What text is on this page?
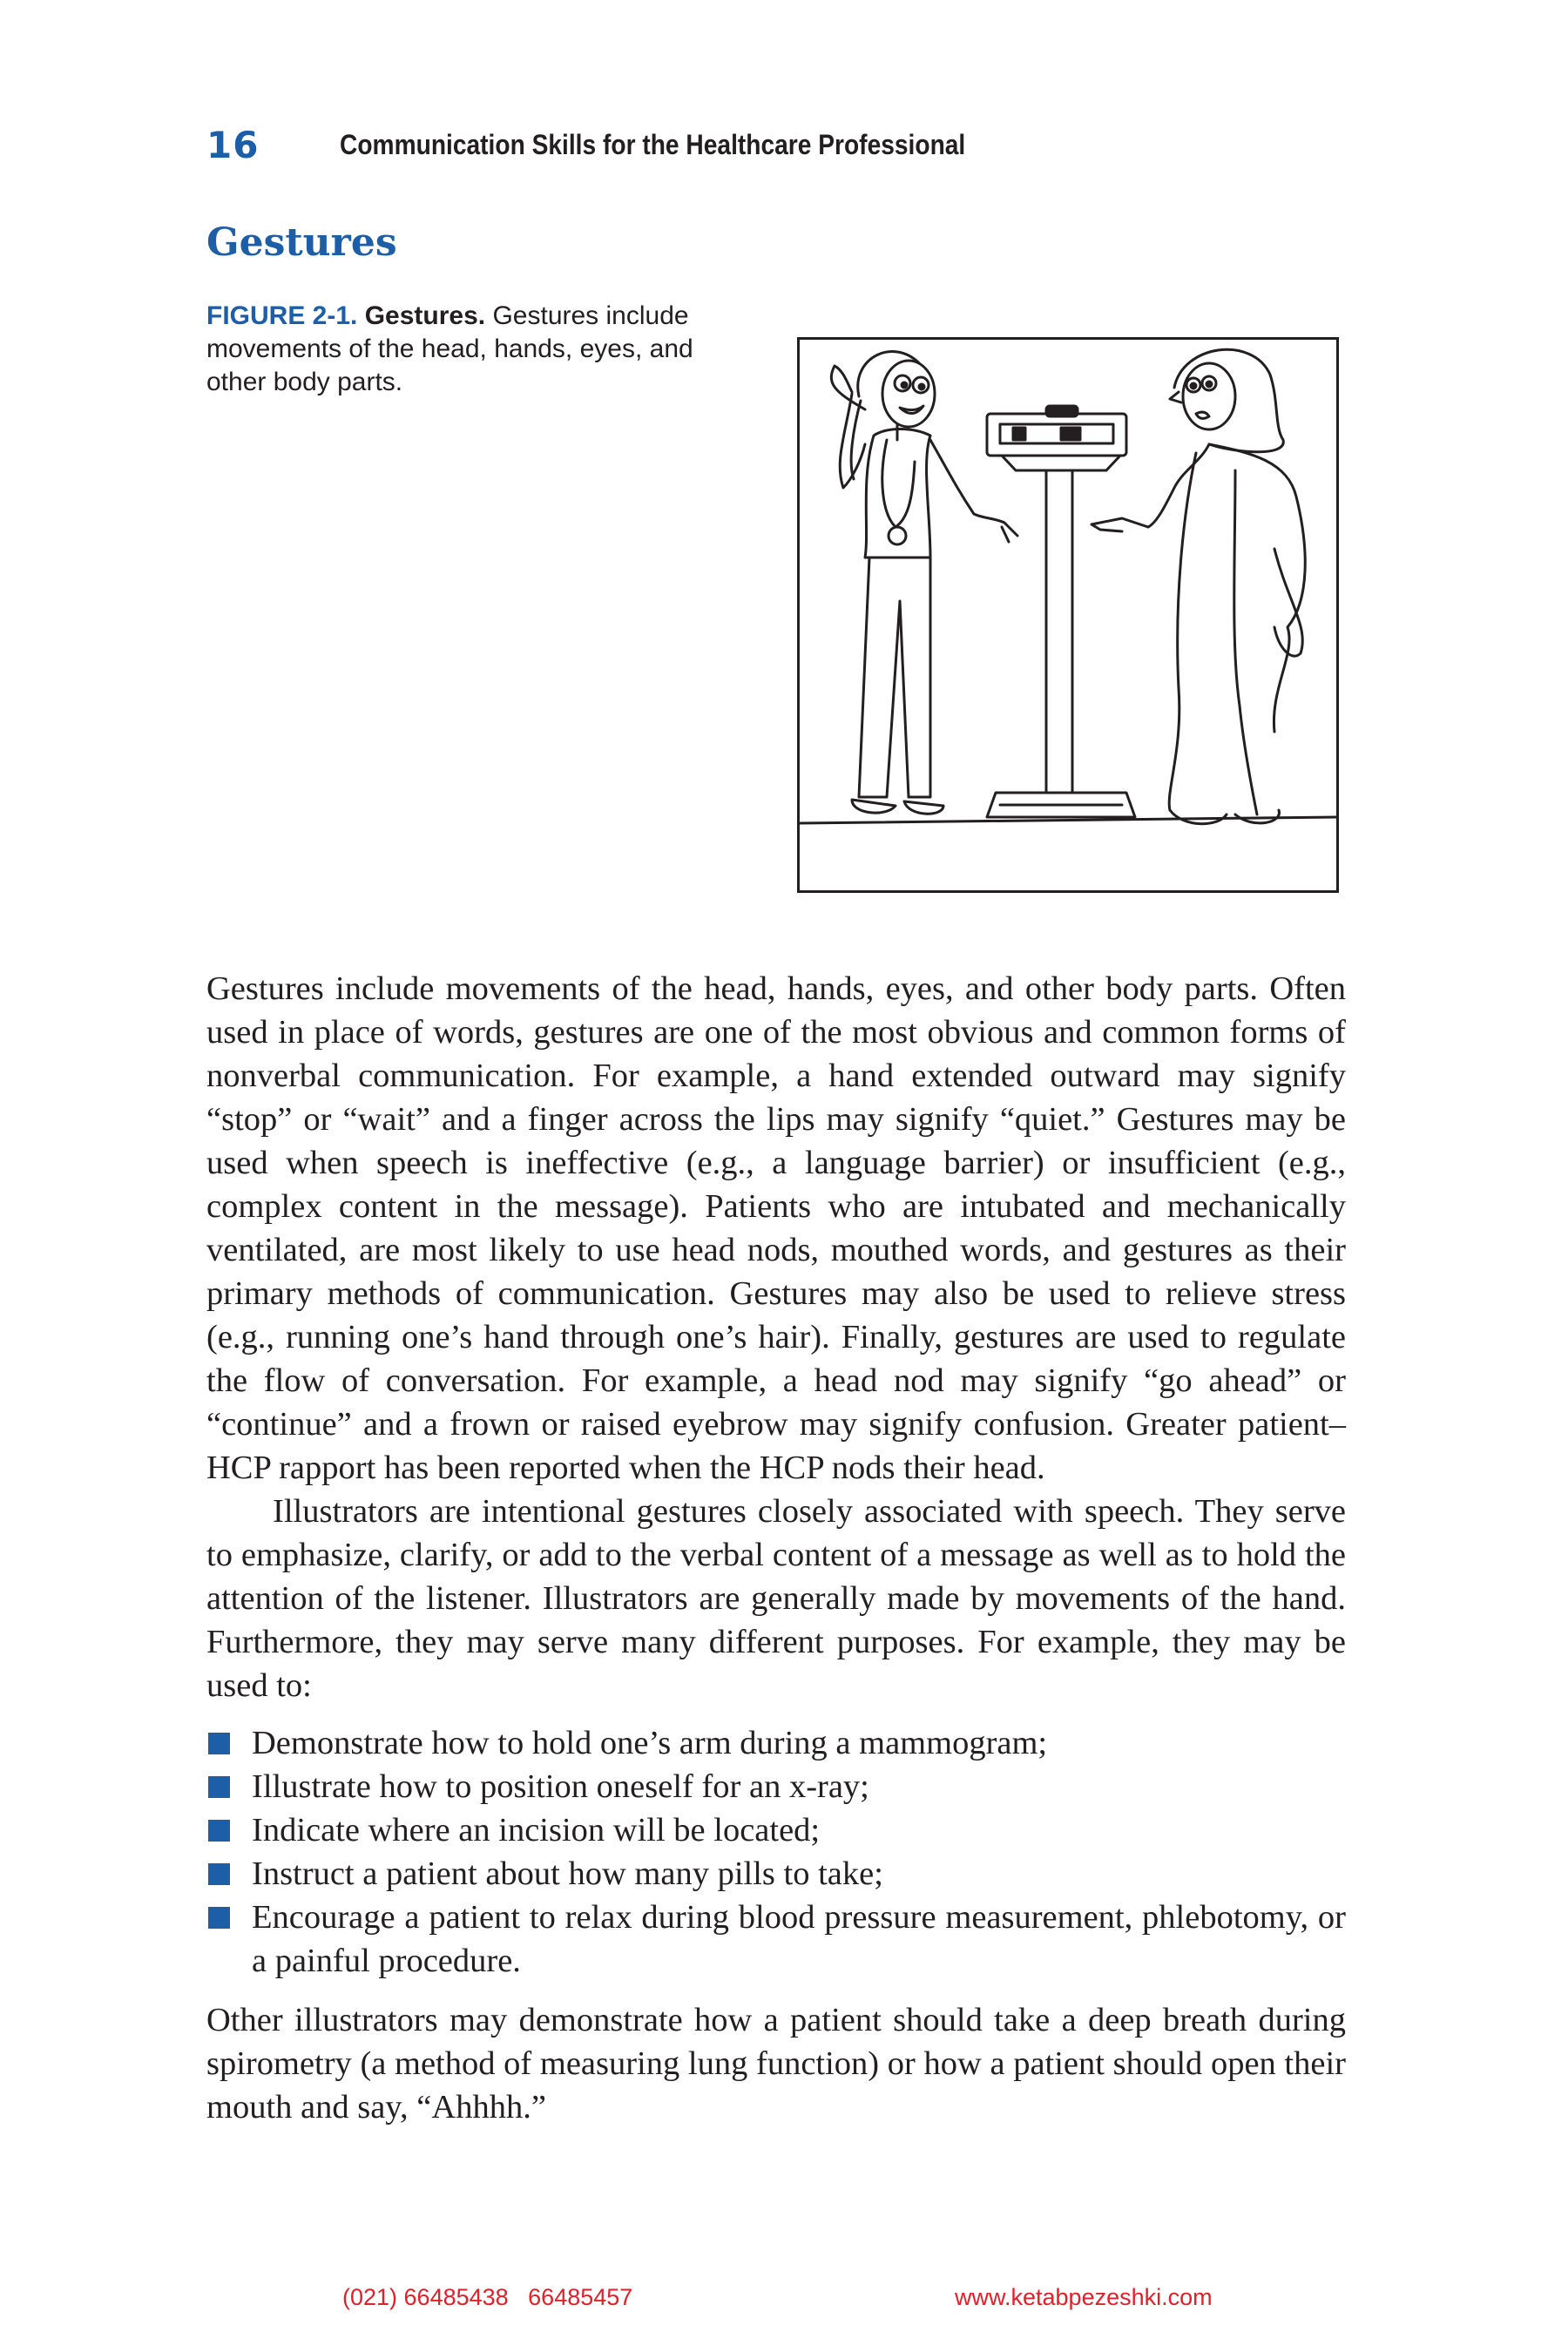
16	Communication Skills for the Healthcare Professional
Gestures
FIGURE 2-1. Gestures. Gestures include movements of the head, hands, eyes, and other body parts.

Gestures include movements of the head, hands, eyes, and other body parts. Often used in place of words, gestures are one of the most obvious and common forms of nonverbal communication. For example, a hand extended outward may signify “stop” or “wait” and a finger across the lips may signify “quiet.” Gestures may be used when speech is ineffective (e.g., a language barrier) or insufficient (e.g., complex content in the message). Patients who are intubated and mechanically ventilated, are most likely to use head nods, mouthed words, and gestures as their primary methods of communication. Gestures may also be used to relieve stress (e.g., running one’s hand through one’s hair). Finally, gestures are used to regulate the flow of conversation. For example, a head nod may signify “go ahead” or “continue” and a frown or raised eyebrow may signify confusion. Greater patient–HCP rapport has been reported when the HCP nods their head.

Illustrators are intentional gestures closely associated with speech. They serve to emphasize, clarify, or add to the verbal content of a message as well as to hold the attention of the listener. Illustrators are generally made by movements of the hand. Furthermore, they may serve many different purposes. For example, they may be used to:

Demonstrate how to hold one’s arm during a mammogram;
Illustrate how to position oneself for an x-ray;
Indicate where an incision will be located;
Instruct a patient about how many pills to take;
Encourage a patient to relax during blood pressure measurement, phlebotomy, or a painful procedure.

Other illustrators may demonstrate how a patient should take a deep breath during spirometry (a method of measuring lung function) or how a patient should open their mouth and say, “Ahhhh.”

(021) 66485438   66485457	www.ketabpezeshki.com
